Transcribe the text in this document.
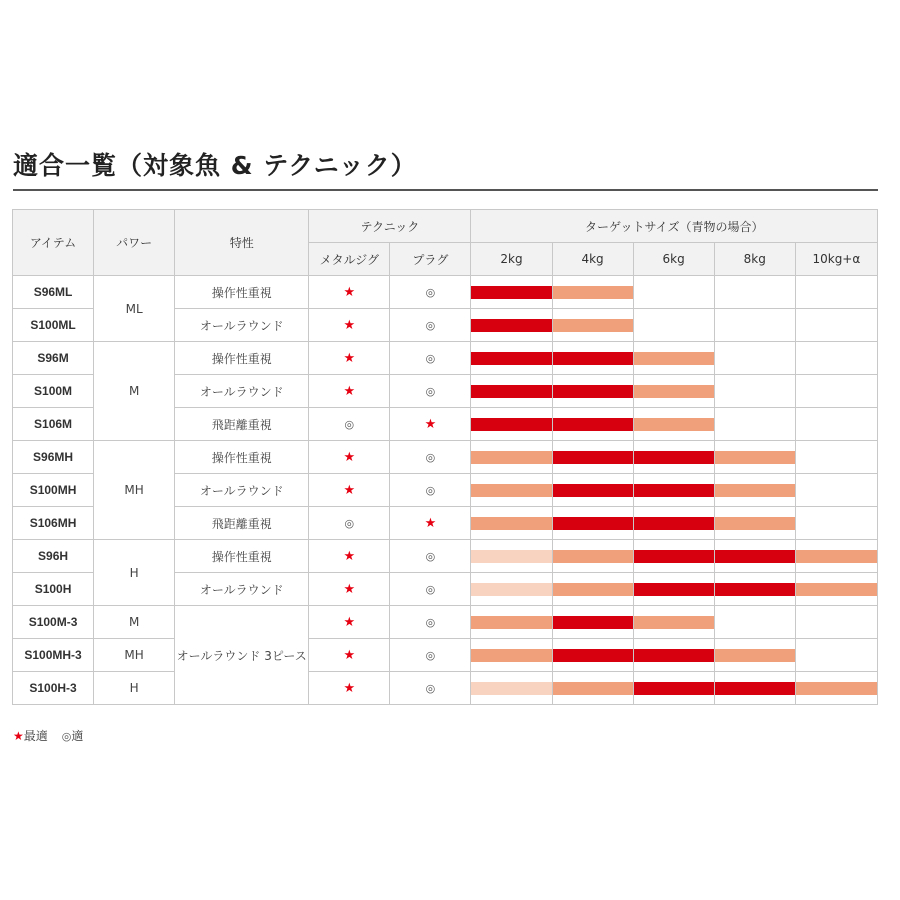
適合一覧（対象魚 & テクニック）
アイテム	パワー	特性	テクニック		ターゲットサイズ（青物の場合）				
			メタルジグ	プラグ	2kg	4kg	6kg	8kg	10kg+α
S96ML	ML	操作性重視	★	◎	

S100ML		オールラウンド	★	◎	

S96M	M	操作性重視	★	◎	

S100M		オールラウンド	★	◎	

S106M		飛距離重視	◎	★	

S96MH	MH	操作性重視	★	◎	

S100MH		オールラウンド	★	◎	

S106MH		飛距離重視	◎	★	

S96H	H	操作性重視	★	◎	

S100H		オールラウンド	★	◎	

S100M-3	M	オールラウンド 3ピース	★	◎	

S100MH-3	MH		★	◎	

S100H-3	H		★	◎	

★最適 ◎適
